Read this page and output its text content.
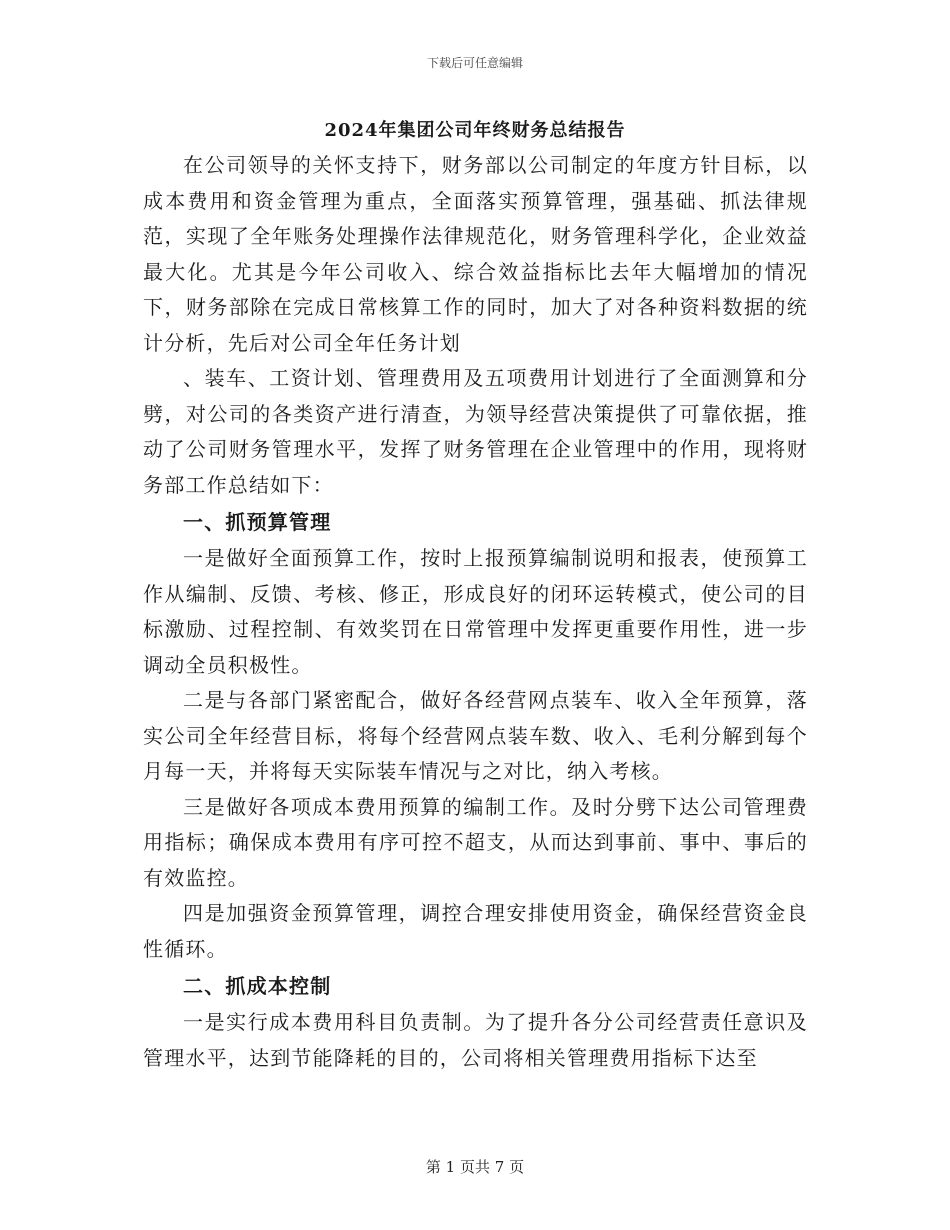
下载后可任意编辑
2024年集团公司年终财务总结报告

在公司领导的关怀支持下，财务部以公司制定的年度方针目标，以成本费用和资金管理为重点，全面落实预算管理，强基础、抓法律规范，实现了全年账务处理操作法律规范化，财务管理科学化，企业效益最大化。尤其是今年公司收入、综合效益指标比去年大幅增加的情况下，财务部除在完成日常核算工作的同时，加大了对各种资料数据的统计分析，先后对公司全年任务计划

、装车、工资计划、管理费用及五项费用计划进行了全面测算和分劈，对公司的各类资产进行清查，为领导经营决策提供了可靠依据，推动了公司财务管理水平，发挥了财务管理在企业管理中的作用，现将财务部工作总结如下：

一、抓预算管理

一是做好全面预算工作，按时上报预算编制说明和报表，使预算工作从编制、反馈、考核、修正，形成良好的闭环运转模式，使公司的目标激励、过程控制、有效奖罚在日常管理中发挥更重要作用性，进一步调动全员积极性。

二是与各部门紧密配合，做好各经营网点装车、收入全年预算，落实公司全年经营目标，将每个经营网点装车数、收入、毛利分解到每个月每一天，并将每天实际装车情况与之对比，纳入考核。

三是做好各项成本费用预算的编制工作。及时分劈下达公司管理费用指标；确保成本费用有序可控不超支，从而达到事前、事中、事后的有效监控。

四是加强资金预算管理，调控合理安排使用资金，确保经营资金良性循环。

二、抓成本控制

一是实行成本费用科目负责制。为了提升各分公司经营责任意识及管理水平，达到节能降耗的目的，公司将相关管理费用指标下达至

第 1 页共 7 页
